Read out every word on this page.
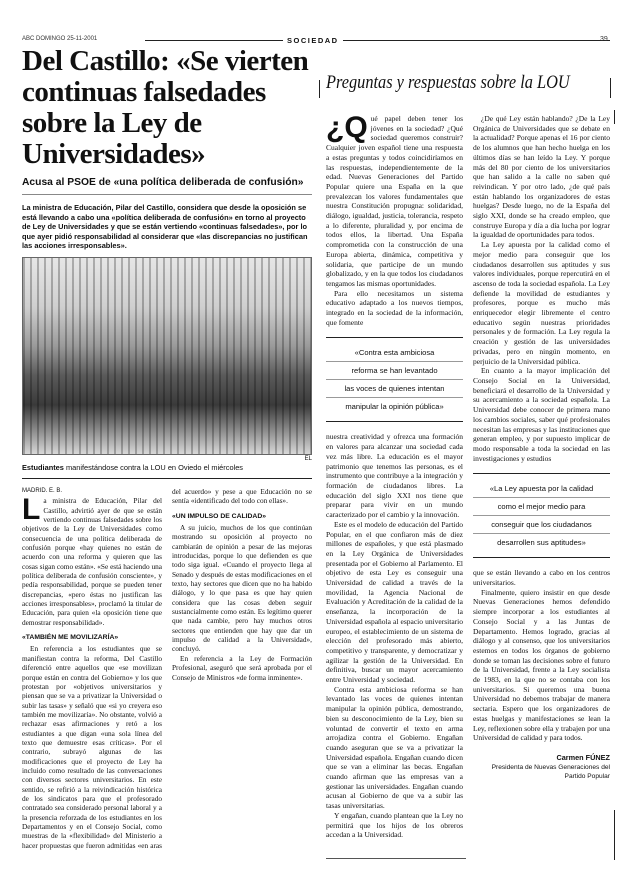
ABC DOMINGO 25-11-2001	SOCIEDAD	39
Del Castillo: «Se vierten continuas falsedades sobre la Ley de Universidades»
Acusa al PSOE de «una política deliberada de confusión»
La ministra de Educación, Pilar del Castillo, considera que desde la oposición se está llevando a cabo una «política deliberada de confusión» en torno al proyecto de Ley de Universidades y que se están vertiendo «continuas falsedades», por lo que ayer pidió responsabilidad al considerar que «las discrepancias no justifican las acciones irresponsables».
EL
Estudiantes manifestándose contra la LOU en Oviedo el miércoles
MADRID. E. B.

La ministra de Educación, Pilar del Castillo, advirtió ayer de que se están vertiendo continuas falsedades sobre los objetivos de la Ley de Universidades como consecuencia de una política deliberada de confusión porque «hay quienes no están de acuerdo con una reforma y quieren que las cosas sigan como están». «Se está haciendo una política deliberada de confusión consciente», y pedía responsabilidad, porque se pueden tener discrepancias, «pero éstas no justifican las acciones irresponsables», proclamó la titular de Educación, para quien «la oposición tiene que demostrar responsabilidad».

«TAMBIÉN ME MOVILIZARÍA»

En referencia a los estudiantes que se manifiestan contra la reforma, Del Castillo diferenció entre aquellos que «se movilizan porque están en contra del Gobierno» y los que protestan por «objetivos universitarios y piensan que se va a privatizar la Universidad o subir las tasas» y señaló que «si yo creyera eso también me movilizaría». No obstante, volvió a rechazar esas afirmaciones y retó a los estudiantes a que digan «una sola línea del texto que demuestre esas críticas». Por el contrario, subrayó algunas de las modificaciones que el proyecto de Ley ha incluido como resultado de las conversaciones con diversos sectores universitarios. En este sentido, se refirió a la reivindicación histórica de los sindicatos para que el profesorado contratado sea considerado personal laboral y a la presencia reforzada de los estudiantes en los Departamentos y en el Consejo Social, como muestras de la «flexibilidad» del Ministerio a hacer propuestas que fueron admitidas «en aras del acuerdo» y pese a que Educación no se sentía «identificado del todo con ellas».

«UN IMPULSO DE CALIDAD»

A su juicio, muchos de los que continúan mostrando su oposición al proyecto no cambiarán de opinión a pesar de las mejoras introducidas, porque lo que defienden es que todo siga igual. «Cuando el proyecto llega al Senado y después de estas modificaciones en el texto, hay sectores que dicen que no ha habido diálogo, y lo que pasa es que hay quien considera que las cosas deben seguir sustancialmente como están. Es legítimo querer que nada cambie, pero hay muchos otros sectores que entienden que hay que dar un impulso de calidad a la Universidad», concluyó.

En referencia a la Ley de Formación Profesional, aseguró que será aprobada por el Consejo de Ministros «de forma inminente».

Preguntas y respuestas sobre la LOU

¿Q ué papel deben tener los jóvenes en la sociedad? ¿Qué sociedad queremos construir? Cualquier joven español tiene una respuesta a estas preguntas y todos coincidiríamos en las respuestas, independientemente de la edad. Nuevas Generaciones del Partido Popular quiere una España en la que prevalezcan los valores fundamentales que nuestra Constitución propugna: solidaridad, diálogo, igualdad, justicia, tolerancia, respeto a lo diferente, pluralidad y, por encima de todos ellos, la libertad. Una España comprometida con la construcción de una Europa abierta, dinámica, competitiva y solidaria, que participe de un mundo globalizado, y en la que todos los ciudadanos tengamos las mismas oportunidades.

Para ello necesitamos un sistema educativo adaptado a los nuevos tiempos, integrado en la sociedad de la información, que fomente

«Contra esta ambiciosa
reforma se han levantado
las voces de quienes intentan
manipular la opinión pública»

nuestra creatividad y ofrezca una formación en valores para alcanzar una sociedad cada vez más libre. La educación es el mayor patrimonio que tenemos las personas, es el instrumento que contribuye a la integración y formación de ciudadanos libres. La educación del siglo XXI nos tiene que preparar para vivir en un mundo caracterizado por el cambio y la innovación.

Este es el modelo de educación del Partido Popular, en el que confiaron más de diez millones de españoles, y que está plasmado en la Ley Orgánica de Universidades presentada por el Gobierno al Parlamento. El objetivo de esta Ley es conseguir una Universidad de calidad a través de la movilidad, la Agencia Nacional de Evaluación y Acreditación de la calidad de la enseñanza, la incorporación de la Universidad española al espacio universitario europeo, el establecimiento de un sistema de elección del profesorado más abierto, competitivo y transparente, y democratizar y agilizar la gestión de la Universidad. En definitiva, buscar un mayor acercamiento entre Universidad y sociedad.

Contra esta ambiciosa reforma se han levantado las voces de quienes intentan manipular la opinión pública, demostrando, bien su desconocimiento de la Ley, bien su voluntad de convertir el texto en arma arrojadiza contra el Gobierno. Engañan cuando aseguran que se va a privatizar la Universidad española. Engañan cuando dicen que se van a eliminar las becas. Engañan cuando afirman que las empresas van a gestionar las universidades. Engañan cuando acusan al Gobierno de que va a subir las tasas universitarias.

Y engañan, cuando plantean que la Ley no permitirá que los hijos de los obreros accedan a la Universidad.

¿De qué Ley están hablando? ¿De la Ley Orgánica de Universidades que se debate en la actualidad? Porque apenas el 16 por ciento de los alumnos que han hecho huelga en los últimos días se han leído la Ley. Y porque más del 80 por ciento de los universitarios que han salido a la calle no saben qué reivindican. Y por otro lado, ¿de qué país están hablando los organizadores de estas huelgas? Desde luego, no de la España del siglo XXI, donde se ha creado empleo, que construye Europa y día a día lucha por lograr la igualdad de oportunidades para todos.

La Ley apuesta por la calidad como el mejor medio para conseguir que los ciudadanos desarrollen sus aptitudes y sus valores individuales, porque repercutirá en el ascenso de toda la sociedad española. La Ley defiende la movilidad de estudiantes y profesores, porque es mucho más enriquecedor elegir libremente el centro educativo según nuestras prioridades personales y de formación. La Ley regula la creación y gestión de las universidades privadas, pero en ningún momento, en perjuicio de la Universidad pública.

En cuanto a la mayor implicación del Consejo Social en la Universidad, beneficiará el desarrollo de la Universidad y su acercamiento a la sociedad española. La Universidad debe conocer de primera mano los cambios sociales, saber qué profesionales necesitan las empresas y las instituciones que generan empleo, y por supuesto implicar de modo responsable a toda la sociedad en las investigaciones y estudios

«La Ley apuesta por la calidad
como el mejor medio para
conseguir que los ciudadanos
desarrollen sus aptitudes»

que se están llevando a cabo en los centros universitarios.

Finalmente, quiero insistir en que desde Nuevas Generaciones hemos defendido siempre incorporar a los estudiantes al Consejo Social y a las Juntas de Departamento. Hemos logrado, gracias al diálogo y al consenso, que los universitarios estemos en todos los órganos de gobierno donde se toman las decisiones sobre el futuro de la Universidad, frente a la Ley socialista de 1983, en la que no se contaba con los universitarios. Si queremos una buena Universidad no debemos trabajar de manera sectaria. Espero que los organizadores de estas huelgas y manifestaciones se lean la Ley, reflexionen sobre ella y trabajen por una Universidad de calidad y para todos.

Carmen FÚNEZ
Presidenta de Nuevas Generaciones del Partido Popular
